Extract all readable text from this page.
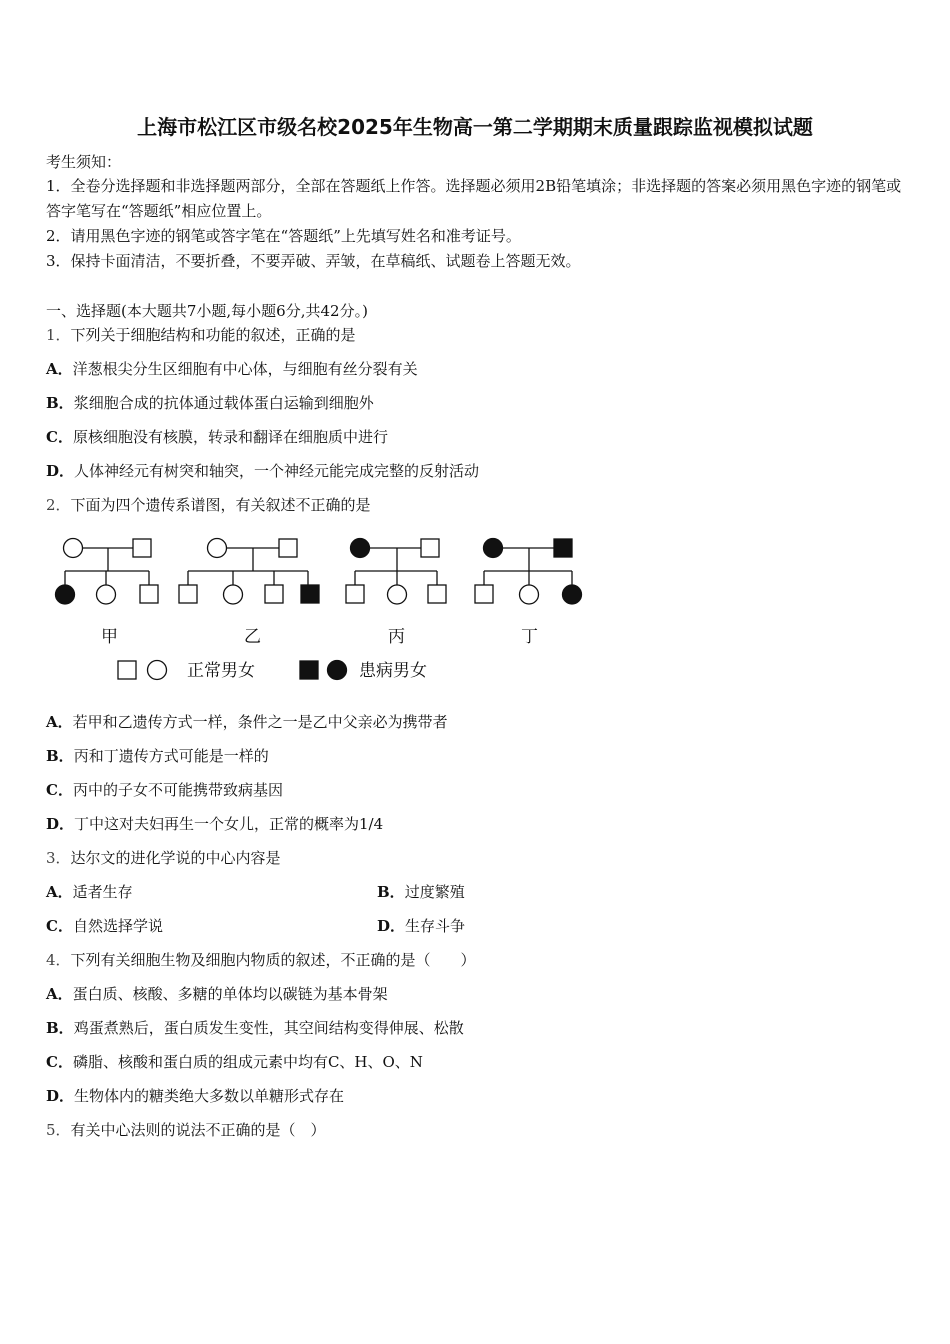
上海市松江区市级名校2025年生物高一第二学期期末质量跟踪监视模拟试题
考生须知：
1．全卷分选择题和非选择题两部分，全部在答题纸上作答。选择题必须用2B铅笔填涂；非选择题的答案必须用黑色字迹的钢笔或答字笔写在“答题纸”相应位置上。
2．请用黑色字迹的钢笔或答字笔在“答题纸”上先填写姓名和准考证号。
3．保持卡面清洁，不要折叠，不要弄破、弄皱，在草稿纸、试题卷上答题无效。
一、选择题(本大题共7小题,每小题6分,共42分。)
1．下列关于细胞结构和功能的叙述，正确的是
A．洋葱根尖分生区细胞有中心体，与细胞有丝分裂有关
B．浆细胞合成的抗体通过载体蛋白运输到细胞外
C．原核细胞没有核膜，转录和翻译在细胞质中进行
D．人体神经元有树突和轴突，一个神经元能完成完整的反射活动
2．下面为四个遗传系谱图，有关叙述不正确的是
甲	乙	丙	丁
正常男女	患病男女
A．若甲和乙遗传方式一样，条件之一是乙中父亲必为携带者
B．丙和丁遗传方式可能是一样的
C．丙中的子女不可能携带致病基因
D．丁中这对夫妇再生一个女儿，正常的概率为1/4
3．达尔文的进化学说的中心内容是
A．适者生存	B．过度繁殖
C．自然选择学说	D．生存斗争
4．下列有关细胞生物及细胞内物质的叙述，不正确的是（　　）
A．蛋白质、核酸、多糖的单体均以碳链为基本骨架
B．鸡蛋煮熟后，蛋白质发生变性，其空间结构变得伸展、松散
C．磷脂、核酸和蛋白质的组成元素中均有C、H、O、N
D．生物体内的糖类绝大多数以单糖形式存在
5．有关中心法则的说法不正确的是（　）
